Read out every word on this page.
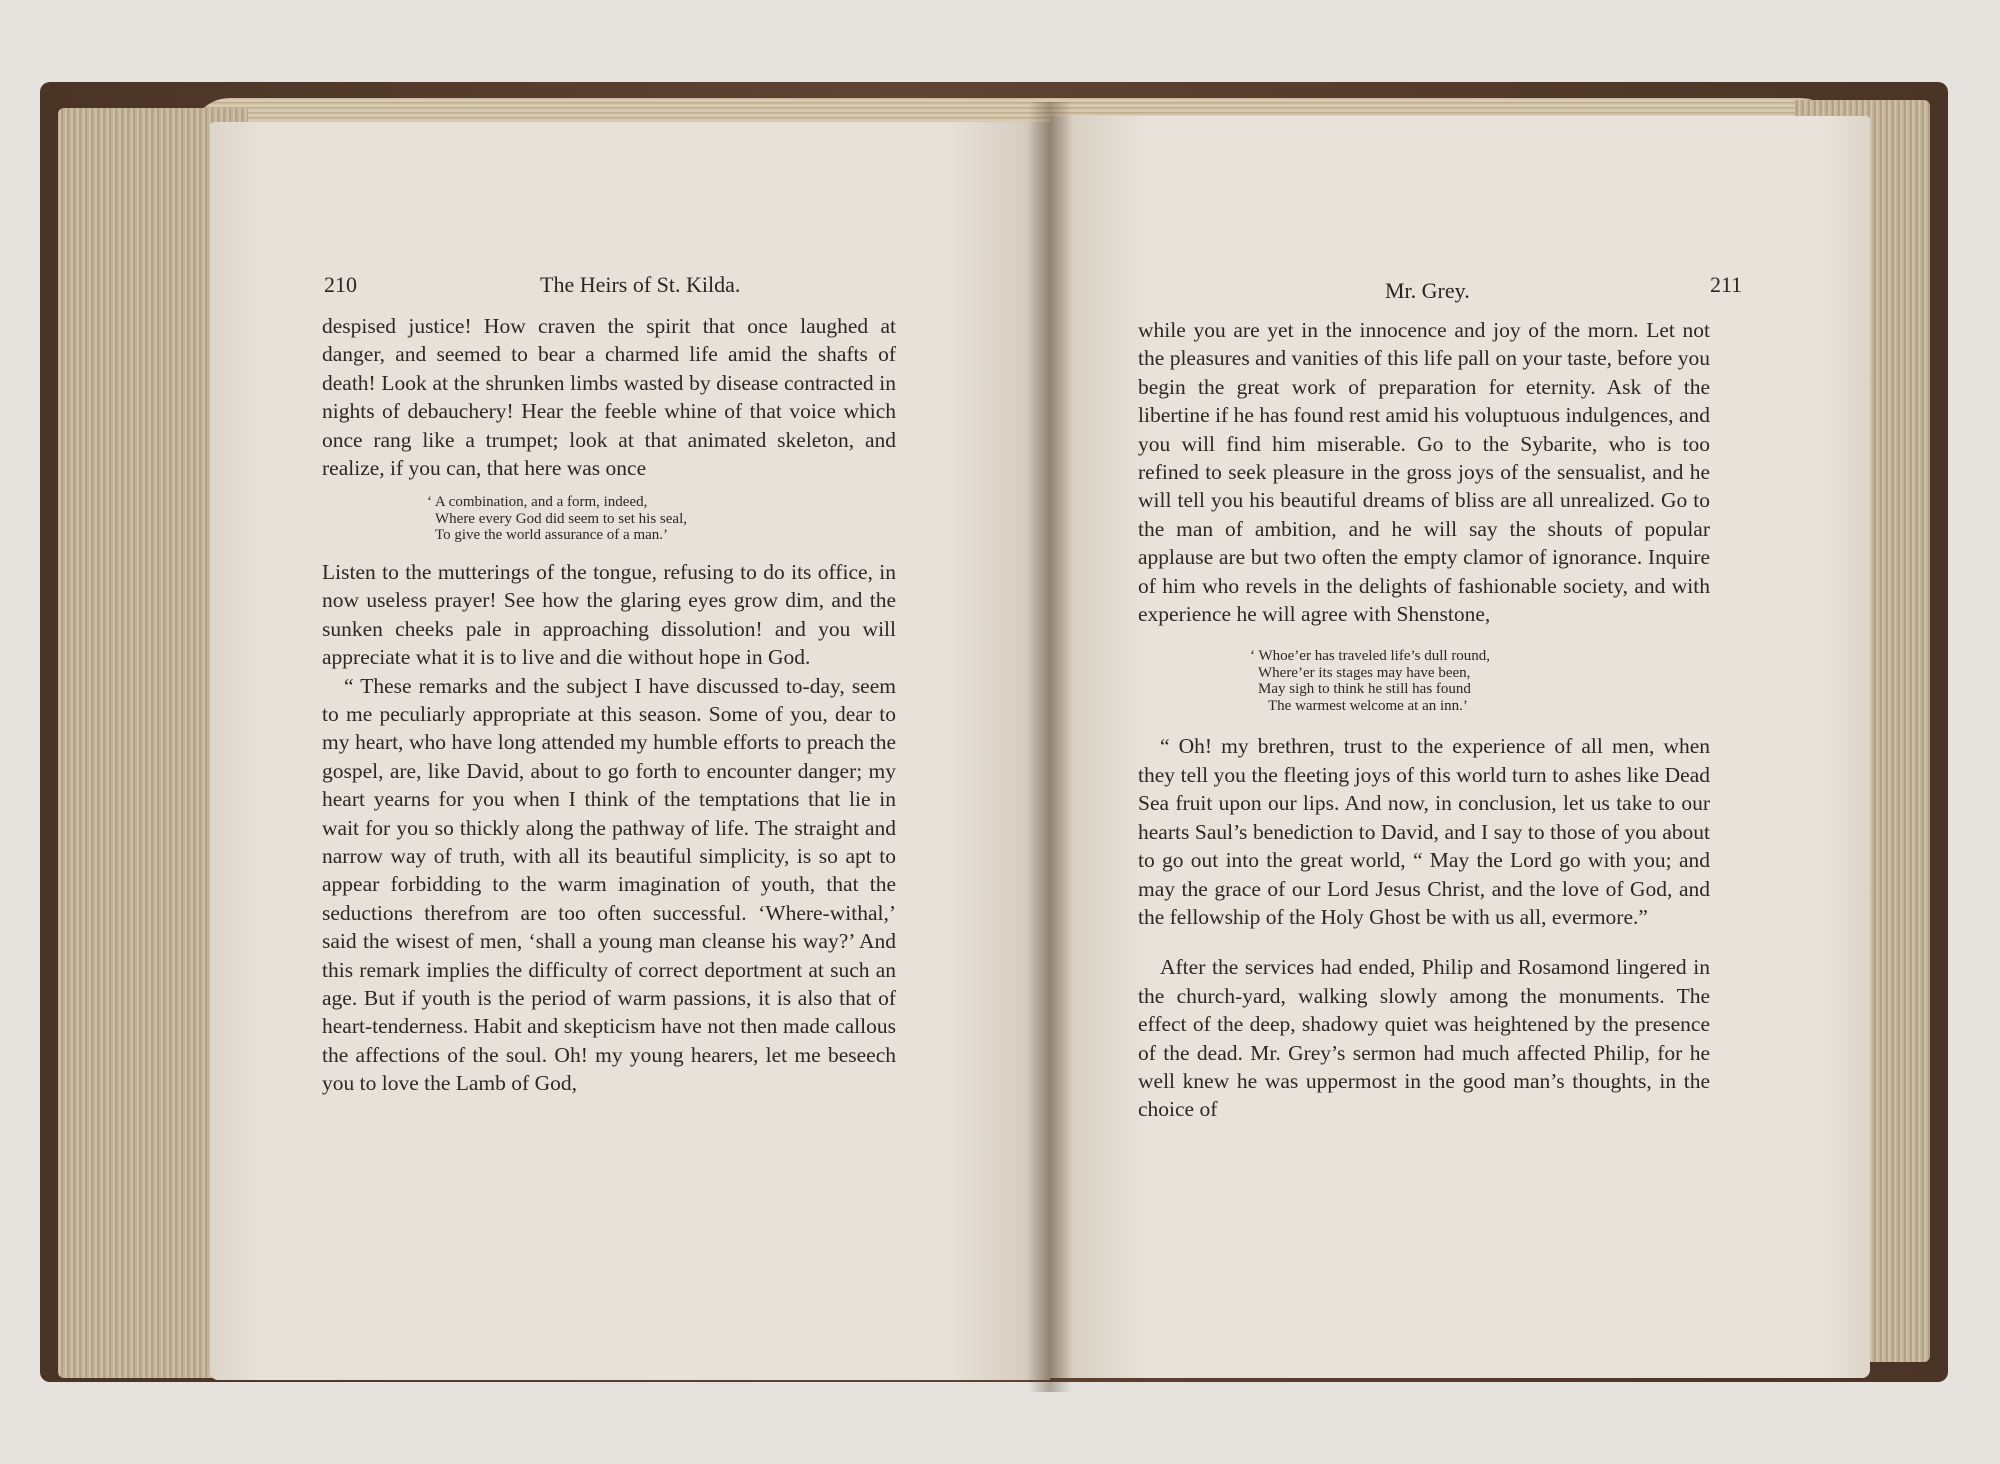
210	The Heirs of St. Kilda.

despised justice! How craven the spirit that once laughed at danger, and seemed to bear a charmed life amid the shafts of death! Look at the shrunken limbs wasted by disease contracted in nights of debauchery! Hear the feeble whine of that voice which once rang like a trumpet; look at that animated skeleton, and realize, if you can, that here was once

‘ A combination, and a form, indeed,
Where every God did seem to set his seal,
To give the world assurance of a man.’

Listen to the mutterings of the tongue, refusing to do its office, in now useless prayer! See how the glaring eyes grow dim, and the sunken cheeks pale in approaching dissolution! and you will appreciate what it is to live and die without hope in God.

“ These remarks and the subject I have discussed to-day, seem to me peculiarly appropriate at this season. Some of you, dear to my heart, who have long attended my humble efforts to preach the gospel, are, like David, about to go forth to encounter danger; my heart yearns for you when I think of the temptations that lie in wait for you so thickly along the pathway of life. The straight and narrow way of truth, with all its beautiful simplicity, is so apt to appear forbidding to the warm imagination of youth, that the seductions therefrom are too often successful. ‘Where-withal,’ said the wisest of men, ‘shall a young man cleanse his way?’ And this remark implies the difficulty of correct deportment at such an age. But if youth is the period of warm passions, it is also that of heart-tenderness. Habit and skepticism have not then made callous the affections of the soul. Oh! my young hearers, let me beseech you to love the Lamb of God,

Mr. Grey.	211

while you are yet in the innocence and joy of the morn. Let not the pleasures and vanities of this life pall on your taste, before you begin the great work of preparation for eternity. Ask of the libertine if he has found rest amid his voluptuous indulgences, and you will find him miserable. Go to the Sybarite, who is too refined to seek pleasure in the gross joys of the sensualist, and he will tell you his beautiful dreams of bliss are all unrealized. Go to the man of ambition, and he will say the shouts of popular applause are but two often the empty clamor of ignorance. Inquire of him who revels in the delights of fashionable society, and with experience he will agree with Shenstone,

‘ Whoe’er has traveled life’s dull round,
Where’er its stages may have been,
May sigh to think he still has found
The warmest welcome at an inn.’

“ Oh! my brethren, trust to the experience of all men, when they tell you the fleeting joys of this world turn to ashes like Dead Sea fruit upon our lips. And now, in conclusion, let us take to our hearts Saul’s benediction to David, and I say to those of you about to go out into the great world, “ May the Lord go with you; and may the grace of our Lord Jesus Christ, and the love of God, and the fellowship of the Holy Ghost be with us all, evermore.”

After the services had ended, Philip and Rosamond lingered in the church-yard, walking slowly among the monuments. The effect of the deep, shadowy quiet was heightened by the presence of the dead. Mr. Grey’s sermon had much affected Philip, for he well knew he was uppermost in the good man’s thoughts, in the choice of
